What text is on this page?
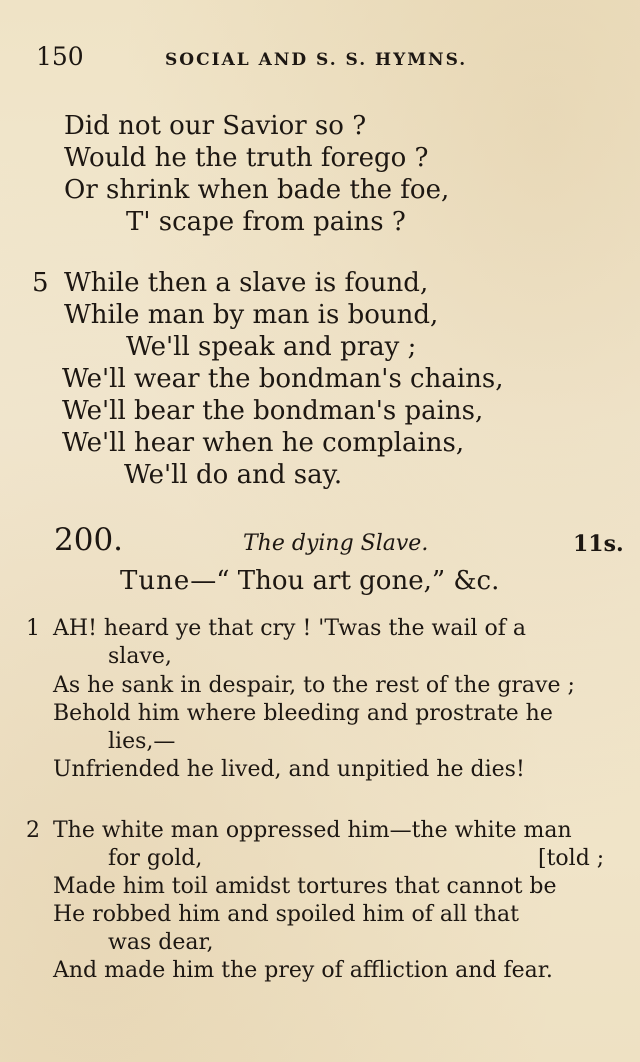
150	SOCIAL AND S. S. HYMNS.
Did not our Savior so ?
Would he the truth forego ?
Or shrink when bade the foe,
T' scape from pains ?
5 While then a slave is found,
While man by man is bound,
We'll speak and pray ;
We'll wear the bondman's chains,
We'll bear the bondman's pains,
We'll hear when he complains,
We'll do and say.
200.	The dying Slave.	11s.
Tune—“ Thou art gone,” &c.
1 AH! heard ye that cry ! 'Twas the wail of a
slave,
As he sank in despair, to the rest of the grave ;
Behold him where bleeding and prostrate he
lies,—
Unfriended he lived, and unpitied he dies!
2 The white man oppressed him—the white man
for gold,	[told ;
Made him toil amidst tortures that cannot be
He robbed him and spoiled him of all that
was dear,
And made him the prey of affliction and fear.
